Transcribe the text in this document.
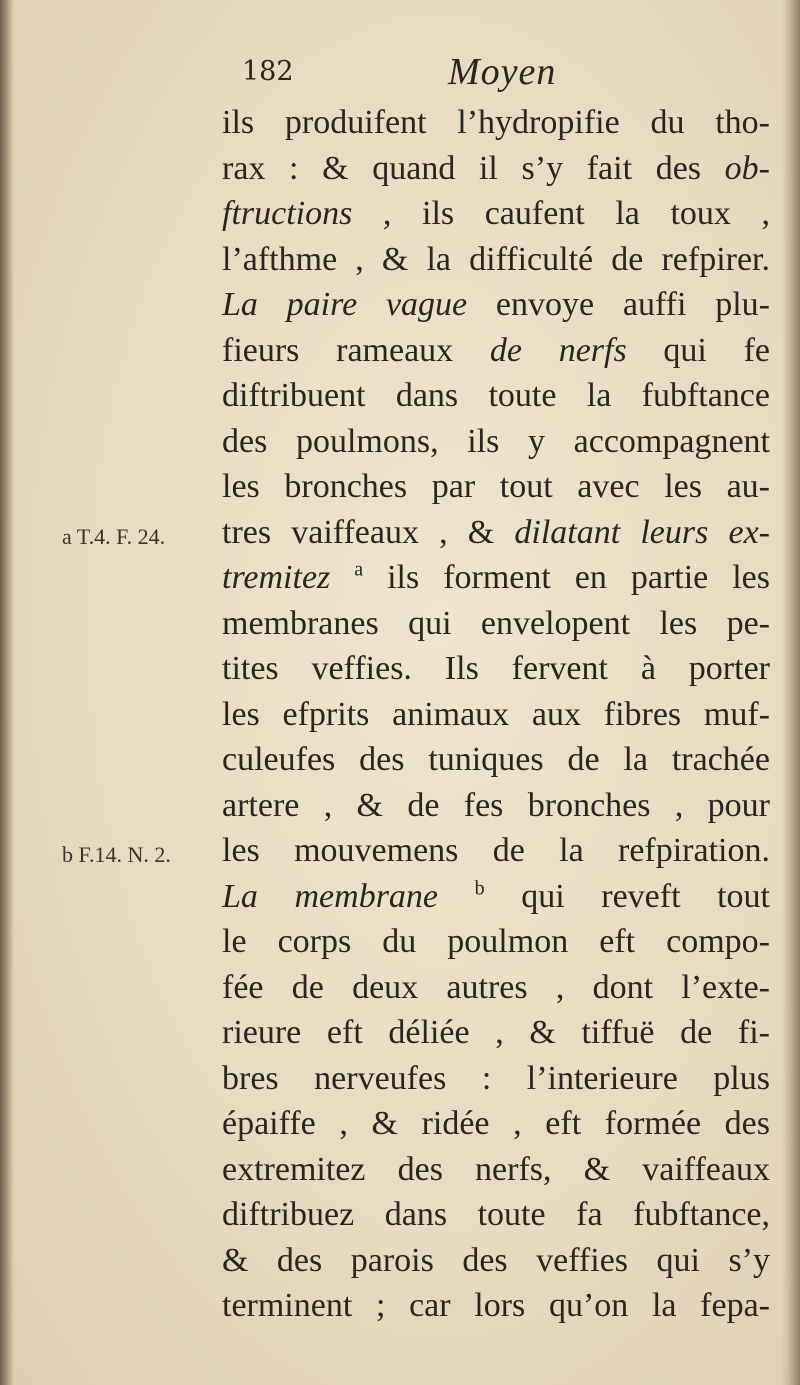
182	Moyen
a T.4. F. 24.
b F.14. N. 2.
ils produifent l’hydropifie du tho-
rax : & quand il s’y fait des ob-
ftructions , ils caufent la toux ,
l’afthme , & la difficulté de refpirer.
La paire vague envoye auffi plu-
fieurs rameaux de nerfs qui fe
diftribuent dans toute la fubftance
des poulmons, ils y accompagnent
les bronches par tout avec les au-
tres vaiffeaux , & dilatant leurs ex-
tremitez $^a$ ils forment en partie les
membranes qui envelopent les pe-
tites veffies. Ils fervent à porter
les efprits animaux aux fibres muf-
culeufes des tuniques de la trachée
artere , & de fes bronches , pour
les mouvemens de la refpiration.
La membrane $^b$ qui reveft tout
le corps du poulmon eft compo-
fée de deux autres , dont l’exte-
rieure eft déliée , & tiffuë de fi-
bres nerveufes : l’interieure plus
épaiffe , & ridée , eft formée des
extremitez des nerfs, & vaiffeaux
diftribuez dans toute fa fubftance,
& des parois des veffies qui s’y
terminent ; car lors qu’on la fepa-
